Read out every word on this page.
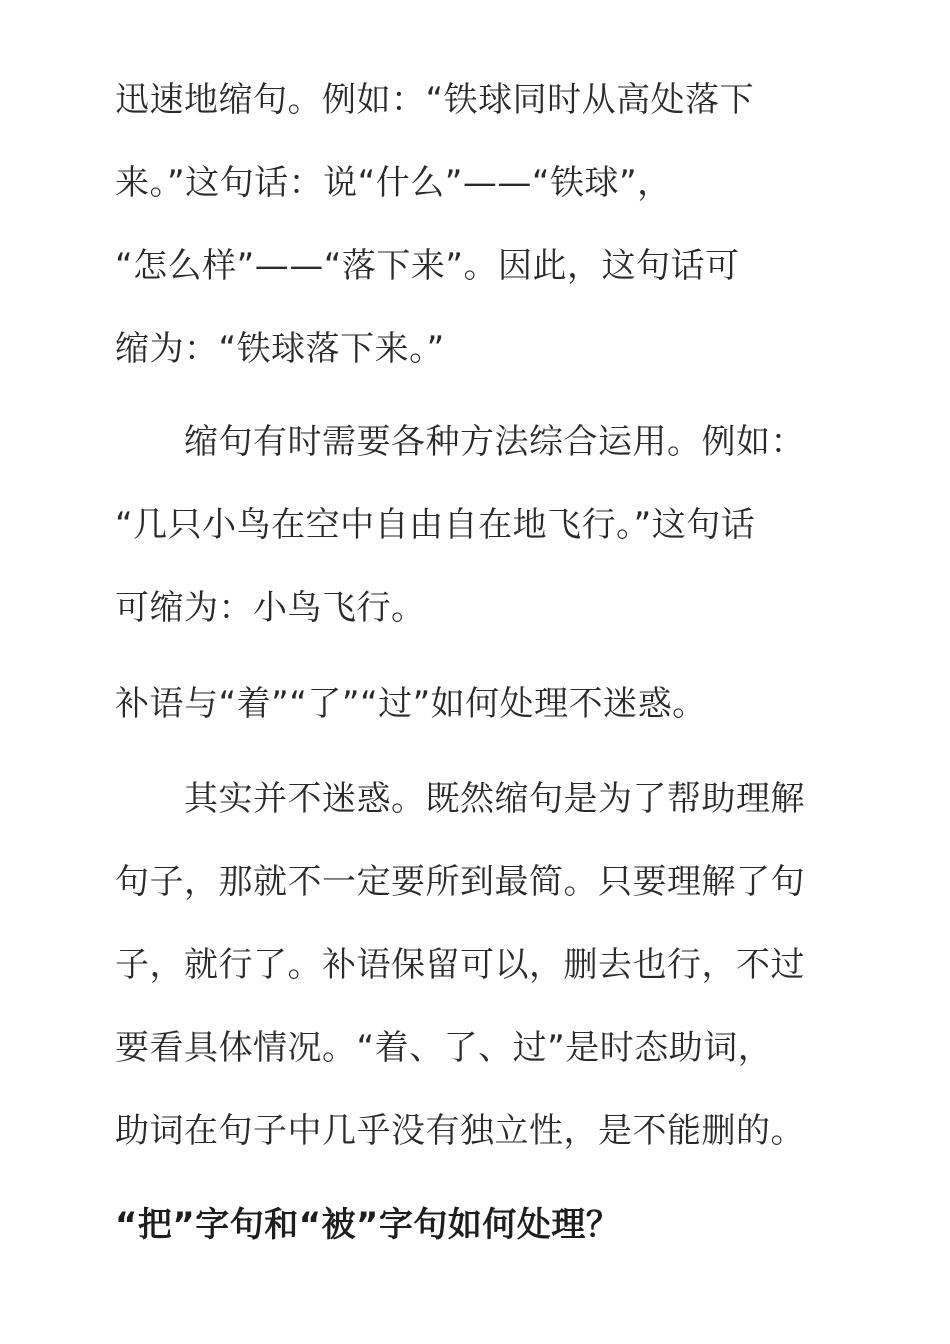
迅速地缩句。例如：“铁球同时从高处落下
来。”这句话：说“什么”——“铁球”，
“怎么样”——“落下来”。因此，这句话可
缩为：“铁球落下来。”
　　缩句有时需要各种方法综合运用。例如：
“几只小鸟在空中自由自在地飞行。”这句话
可缩为：小鸟飞行。
补语与“着”“了”“过”如何处理不迷惑。
　　其实并不迷惑。既然缩句是为了帮助理解
句子，那就不一定要所到最简。只要理解了句
子，就行了。补语保留可以，删去也行，不过
要看具体情况。“着、了、过”是时态助词，
助词在句子中几乎没有独立性，是不能删的。
“把”字句和“被”字句如何处理？
